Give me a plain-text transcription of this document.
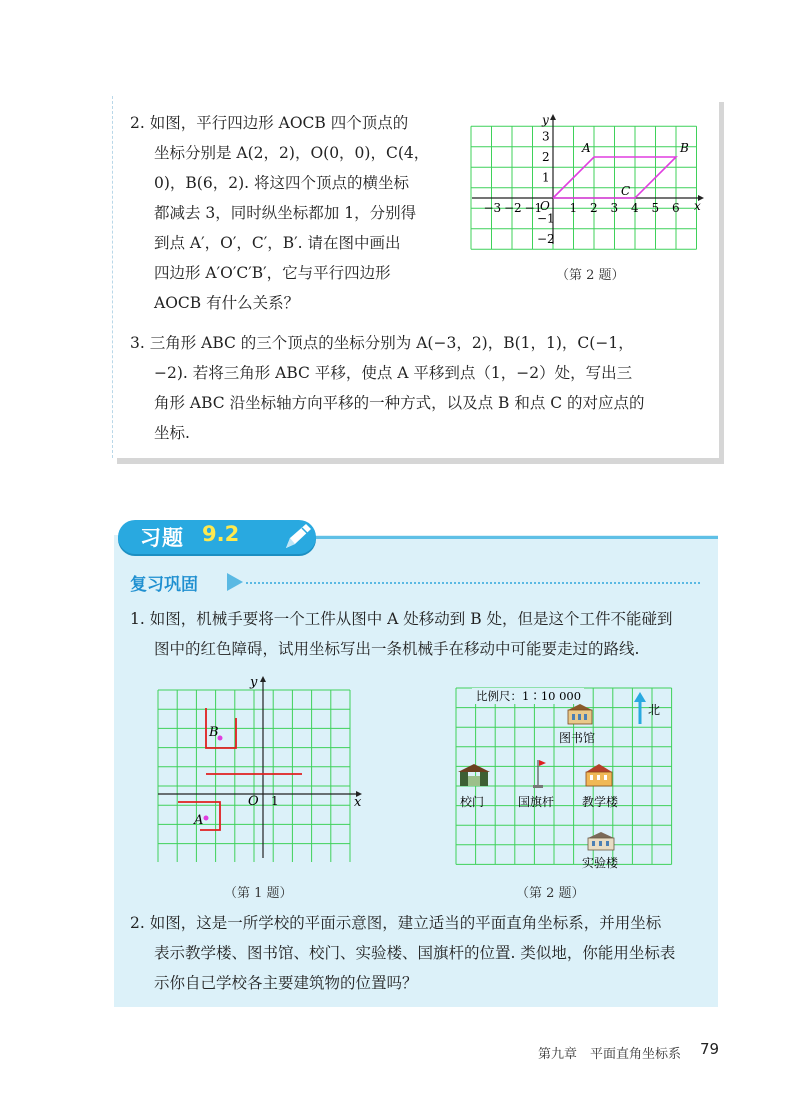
2. 如图，平行四边形 AOCB 四个顶点的
坐标分别是 A(2，2)，O(0，0)，C(4，
0)，B(6，2). 将这四个顶点的横坐标
都减去 3，同时纵坐标都加 1，分别得
到点 A′，O′，C′，B′. 请在图中画出
四边形 A′O′C′B′，它与平行四边形
AOCB 有什么关系？
x
y
O
−3 −2 −1 1 2 3 4 5 6
−2
−1
1
2
3
A	B
C
（第 2 题）
3. 三角形 ABC 的三个顶点的坐标分别为 A(−3，2)，B(1，1)，C(−1，
−2). 若将三角形 ABC 平移，使点 A 平移到点（1，−2）处，写出三
角形 ABC 沿坐标轴方向平移的一种方式，以及点 B 和点 C 的对应点的
坐标.
习题 9.2
复习巩固
1. 如图，机械手要将一个工件从图中 A 处移动到 B 处，但是这个工件不能碰到
图中的红色障碍，试用坐标写出一条机械手在移动中可能要走过的路线.
B
A
O 1	x
y
（第 1 题）
比例尺：1∶10 000
北
图书馆
校门	国旗杆 教学楼
实验楼
（第 2 题）
2. 如图，这是一所学校的平面示意图，建立适当的平面直角坐标系，并用坐标
表示教学楼、图书馆、校门、实验楼、国旗杆的位置. 类似地，你能用坐标表
示你自己学校各主要建筑物的位置吗？
第九章　平面直角坐标系 79
